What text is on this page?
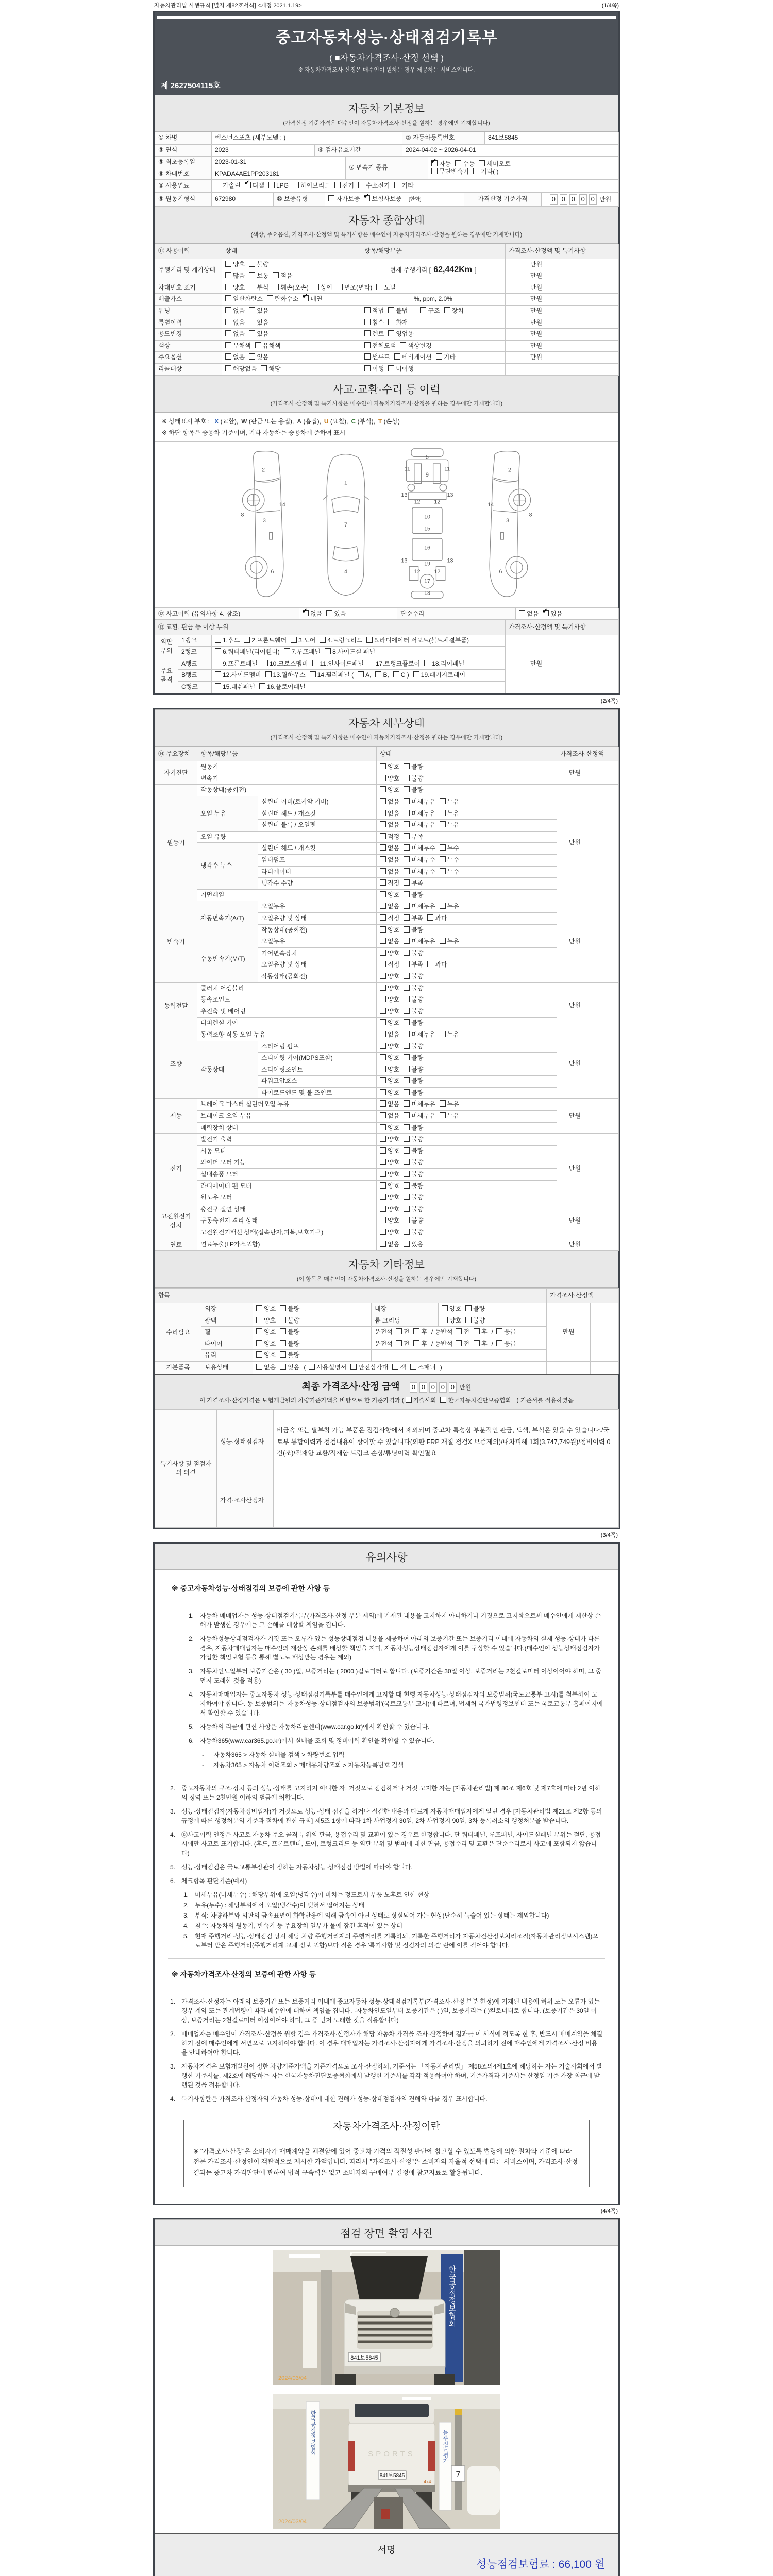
자동차관리법 시행규칙 [별지 제82호서식] <개정 2021.1.19>	(1/4쪽)
중고자동차성능·상태점검기록부
( ■자동차가격조사·산정 선택 )
※ 자동차가격조사·산정은 매수인이 원하는 경우 제공하는 서비스입니다.
제 2627504115호
자동차 기본정보
(가격산정 기준가격은 매수인이 자동차가격조사·산정을 원하는 경우에만 기재합니다)
① 차명	렉스턴스포츠 (세부모델 : )	② 자동차등록번호	841보5845
③ 연식	2023	④ 검사유효기간	2024-04-02 ~ 2026-04-01
⑤ 최초등록일	2023-01-31	⑦ 변속기 종류	
✔자동 수동 세미오토
무단변속기 기타( )

⑥ 차대번호	KPADA4AE1PP203181		
⑧ 사용연료	가솔린 ✔ 디젤 LPG 하이브리드 전기 수소전기 기타
⑨ 원동기형식	672980	⑩ 보증유형	자가보증 ✔ 보험사보증 [한화]	가격산정 기준가격	0 0 0 0 0 만원
자동차 종합상태
(색상, 주요옵션, 가격조사·산정액 및 특기사항은 매수인이 자동차가격조사·산정을 원하는 경우에만 기재합니다)
⑪ 사용이력	상태	항목/해당부품	가격조사·산정액 및 특기사항	
주행거리 및 계기상태	양호 불량	현재 주행거리 [ 62,442Km ]	만원	
	많음 보통 적음		만원	
차대번호 표기	양호 부식 훼손(오손) 상이 변조(변타) 도말		만원	
배출가스	일산화탄소 탄화수소 ✔ 매연	%, ppm, 2.0%	만원	
튜닝	없음 있음	적법 불법 구조 장치	만원	
특별이력	없음 있음	침수 화재	만원	
용도변경	없음 있음	렌트 영업용	만원	
색상	무채색 유채색	전체도색 색상변경	만원	
주요옵션	없음 있음	썬루프 네비게이션 기타	만원	
리콜대상	해당없음 해당	이행 미이행		
사고·교환·수리 등 이력
(가격조사·산정액 및 특기사항은 매수인이 자동차가격조사·산정을 원하는 경우에만 기재합니다)
※ 상태표시 부호 : X (교환), W (판금 또는 용접), A (흠집), U (요철), C (부식), T (손상)
※ 하단 항목은 승용차 기준이며, 기타 자동차는 승용차에 준하여 표시
2
8
3
14
6
1
7
4
5
11	11
9
13	13
12 12
10
15
16
13	13
19
12 12
17
18
2
8
3
14
6
⑫ 사고이력 (유의사항 4. 참조)	✔없음 있음	단순수리	없음 ✔ 있음
⑬ 교환, 판금 등 이상 부위			가격조사·산정액 및 특기사항	
외판 부위	1랭크	1.후드 2.프론트휀더 3.도어 4.트렁크리드 5.라디에이터 서포트(볼트체결부품)	만원	
	2랭크	6.쿼터패널(리어휀더) 7.루프패널 8.사이드실 패널		
주요 골격	A랭크	9.프론트패널 10.크로스멤버 11.인사이드패널 17.트렁크플로어 18.리어패널		
	B랭크	12.사이드멤버 13.휠하우스 14.필러패널 ( A, B, C ) 19.패키지트레이		
	C랭크	15.대쉬패널 16.플로어패널		
(2/4쪽)
자동차 세부상태
(가격조사·산정액 및 특기사항은 매수인이 자동차가격조사·산정을 원하는 경우에만 기재합니다)
⑭ 주요장치	항목/해당부품		상태	가격조사·산정액	
자기진단	원동기		양호 불량	만원	
	변속기		양호 불량		
원동기	작동상태(공회전)		양호 불량	만원	
	오일 누유	실린더 커버(로커암 커버)	없음 미세누유 누유		
		실린더 헤드 / 개스킷	없음 미세누유 누유		
		실린더 블록 / 오일팬	없음 미세누유 누유		
	오일 유량		적정 부족		
	냉각수 누수	실린더 헤드 / 개스킷	없음 미세누수 누수		
		워터펌프	없음 미세누수 누수		
		라디에이터	없음 미세누수 누수		
		냉각수 수량	적정 부족		
	커먼레일		양호 불량		
변속기	자동변속기(A/T)	오일누유	없음 미세누유 누유	만원	
		오일유량 및 상태	적정 부족 과다		
		작동상태(공회전)	양호 불량		
	수동변속기(M/T)	오일누유	없음 미세누유 누유		
		기어변속장치	양호 불량		
		오일유량 및 상태	적정 부족 과다		
		작동상태(공회전)	양호 불량		
동력전달	클러치 어셈블리		양호 불량	만원	
	등속조인트		양호 불량		
	추진축 및 베어링		양호 불량		
	디퍼렌셜 기어		양호 불량		
조향	동력조향 작동 오일 누유		없음 미세누유 누유	만원	
	작동상태	스티어링 펌프	양호 불량		
		스티어링 기어(MDPS포함)	양호 불량		
		스티어링조인트	양호 불량		
		파워고압호스	양호 불량		
		타이로드엔드 및 볼 조인트	양호 불량		
제동	브레이크 마스터 실린더오일 누유		없음 미세누유 누유	만원	
	브레이크 오일 누유		없음 미세누유 누유		
	배력장치 상태		양호 불량		
전기	발전기 출력		양호 불량	만원	
	시동 모터		양호 불량		
	와이퍼 모터 기능		양호 불량		
	실내송풍 모터		양호 불량		
	라디에이터 팬 모터		양호 불량		
	윈도우 모터		양호 불량		
고전원전기장치	충전구 절연 상태		양호 불량	만원	
	구동축전지 격리 상태		양호 불량		
	고전원전기배선 상태(접속단자,피복,보호기구)		양호 불량		
연료	연료누출(LP가스포함)		없음 있음	만원	
자동차 기타정보
(이 항목은 매수인이 자동차가격조사·산정을 원하는 경우에만 기재합니다)
항목					가격조사·산정액	
수리필요	외장	양호 불량	내장	양호 불량	만원	
	광택	양호 불량	룸 크리닝	양호 불량		
	휠	양호 불량	운전석 전 후 / 동반석 전 후 / 응급			
	타이어	양호 불량	운전석 전 후 / 동반석 전 후 / 응급			
	유리	양호 불량				
기본품목	보유상태	없음 있음 ( 사용설명서 안전삼각대 잭 스패너 )				
최종 가격조사·산정 금액 0 0 0 0 0 만원
이 가격조사·산정가격은 보험개발원의 차량기준가액을 바탕으로 한 기준가격과 ( 기술사회 한국자동차진단보증협회 ) 기준서를 적용하였음
특기사항 및 점검자의 의견	성능·상태점검자	비금속 또는 탈부착 가능 부품은 점검사항에서 제외되며 중고차 특성상 부분적인 판금, 도색, 부식은 있을 수 있습니다./국토부 통합이력과 점검내용이 상이할 수 있습니다(외판 FRP 재질 점검X 보증제외)/내차피해 1회(3,747,749원)/정비이력 0건(조)/적재함 교환/적재함 트렁크 손상/튜닝이력 확인필요
	가격·조사산정자	
(3/4쪽)
유의사항
※ 중고자동차성능·상태점검의 보증에 관한 사항 등
1. 자동차 매매업자는 성능·상태점검기록부(가격조사·산정 부분 제외)에 기재된 내용을 고지하지 아니하거나 거짓으로 고지함으로써 매수인에게 재산상 손해가 발생한 경우에는 그 손해를 배상할 책임을 집니다.
2. 자동차성능상태점검자가 거짓 또는 오류가 있는 성능상태점검 내용을 제공하여 아래의 보증기간 또는 보증거리 이내에 자동차의 실제 성능·상태가 다른 경우, 자동차매매업자는 매수인의 재산상 손해를 배상할 책임을 지며, 자동차성능상태점검자에게 이를 구상할 수 있습니다.(매수인이 성능상태점검자가 가입한 책임보험 등을 통해 별도로 배상받는 경우는 제외)
3. 자동차인도일부터 보증기간은 ( 30 )일, 보증거리는 ( 2000 )킬로미터로 합니다. (보증기간은 30일 이상, 보증거리는 2천킬로미터 이상이어야 하며, 그 중 먼저 도래한 것을 적용)
4. 자동차매매업자는 중고자동차 성능·상태점검기록부를 매수인에게 고지할 때 현행 자동차성능·상태점검자의 보증범위(국토교통부 고시)를 첨부하여 고지하여야 합니다. 동 보증범위는 '자동차성능·상태점검자의 보증범위'(국토교통부 고시)에 따르며, 법제처 국가법령정보센터 또는 국토교통부 홈페이지에서 확인할 수 있습니다.
5. 자동차의 리콜에 관한 사항은 자동차리콜센터(www.car.go.kr)에서 확인할 수 있습니다.
6. 자동차365(www.car365.go.kr)에서 실매물 조회 및 정비이력 확인을 확인할 수 있습니다.
-	자동차365 > 자동차 실매물 검색 > 차량번호 입력
-	자동차365 > 자동차 이력조회 > 매매용차량조회 > 자동차등록번호 검색
2. 중고자동차의 구조·장치 등의 성능·상태를 고지하지 아니한 자, 거짓으로 점검하거나 거짓 고지한 자는 [자동차관리법] 제 80조 제6호 및 제7호에 따라 2년 이하의 징역 또는 2천만원 이하의 벌금에 처합니다.
3. 성능·상태점검자(자동차정비업자)가 거짓으로 성능·상태 점검을 하거나 점검한 내용과 다르게 자동차매매업자에게 알린 경우 [자동차관리법 제21조 제2항 등의 규정에 따른 행정처분의 기준과 절차에 관한 규칙] 제5조 1항에 따라 1차 사업정지 30일, 2차 사업정지 90일, 3차 등록취소의 행정처분을 받습니다.
4. ⑫사고이력 인정은 사고로 자동차 주요 골격 부위의 판금, 용접수리 및 교환이 있는 경우로 한정합니다. 단 쿼터패널, 루프패널, 사이드실패널 부위는 절단, 용접 시에만 사고로 표기합니다. (후드, 프론트펜더, 도어, 트렁크리드 등 외판 부위 및 범퍼에 대한 판금, 용접수리 및 교환은 단순수리로서 사고에 포함되지 않습니다)
5. 성능·상태점검은 국토교통부장관이 정하는 자동차성능·상태점검 방법에 따라야 합니다.
6. 체크항목 판단기준(예시)
1. 미세누유(미세누수) : 해당부위에 오일(냉각수)이 비치는 정도로서 부품 노후로 인한 현상
2. 누유(누수) : 해당부위에서 오일(냉각수)이 맺혀서 떨어지는 상태
3. 부식: 차량하부와 외판의 금속표면이 화학반응에 의해 금속이 아닌 상태로 상실되어 가는 현상(단순히 녹슬어 있는 상태는 제외합니다)
4. 침수: 자동차의 원동기, 변속기 등 주요장치 일부가 물에 잠긴 흔적이 있는 상태
5. 현재 주행거리·성능·상태점검 당시 해당 차량 주행거리계의 주행거리를 기록하되, 기록한 주행거리가 자동차전산정보처리조직(자동차관리정보시스템)으로부터 받은 주행거리(주행거리계 교체 정보 포함)보다 적은 경우 '특기사항 및 점검자의 의견' 란에 이를 적어야 합니다.
※ 자동차가격조사·산정의 보증에 관한 사항 등
1. 가격조사·산정자는 아래의 보증기간 또는 보증거리 이내에 중고자동차 성능·상태점검기록부(가격조사·산정 부분 한정)에 기재된 내용에 허위 또는 오류가 있는 경우 계약 또는 관계법령에 따라 매수인에 대하여 책임을 집니다. ·자동차인도일부터 보증기간은 ( )일, 보증거리는 ( )킬로미터로 합니다. (보증기간은 30일 이상, 보증거리는 2천킬로미터 이상이어야 하며, 그 중 먼저 도래한 것을 적용합니다)
2. 매매업자는 매수인이 가격조사·산정을 원할 경우 가격조사·산정자가 해당 자동차 가격을 조사·산정하여 결과를 이 서식에 적도록 한 후, 반드시 매매계약을 체결하기 전에 매수인에게 서면으로 고지하여야 합니다. 이 경우 매매업자는 가격조사·산정자에게 가격조사·산정을 의뢰하기 전에 매수인에게 가격조사·산정 비용을 안내하여야 합니다.
3. 자동차가격은 보험개발원이 정한 차량기준가액을 기준가격으로 조사·산정하되, 기준서는 「자동차관리법」 제58조의4제1호에 해당하는 자는 기술사회에서 발행한 기준서를, 제2호에 해당하는 자는 한국자동차진단보증협회에서 발행한 기준서를 각각 적용하여야 하며, 기준가격과 기준서는 산정일 기준 가장 최근에 발행된 것을 적용합니다.
4. 특기사항란은 가격조사·산정자의 자동차 성능·상태에 대한 견해가 성능·상태점검자의 견해와 다를 경우 표시합니다.
자동차가격조사·산정이란
※ "가격조사·산정"은 소비자가 매매계약을 체결함에 있어 중고차 가격의 적절성 판단에 참고할 수 있도록 법령에 의한 절차와 기준에 따라 전문 가격조사·산정인이 객관적으로 제시한 가액입니다. 따라서 "가격조사·산정"은 소비자의 자율적 선택에 따른 서비스이며, 가격조사·산정 결과는 중고차 가격판단에 관하여 법적 구속력은 없고 소비자의 구매여부 결정에 참고자료로 활용됩니다.
(4/4쪽)
점검 장면 촬영 사진
한국공정정보협회
841보5845
2024/03/04
한국공정정보협회	블루진단평가
7
SPORTS
841보5845
4x4
2024/03/04
서명
성능점검보험료 : 66,100 원
